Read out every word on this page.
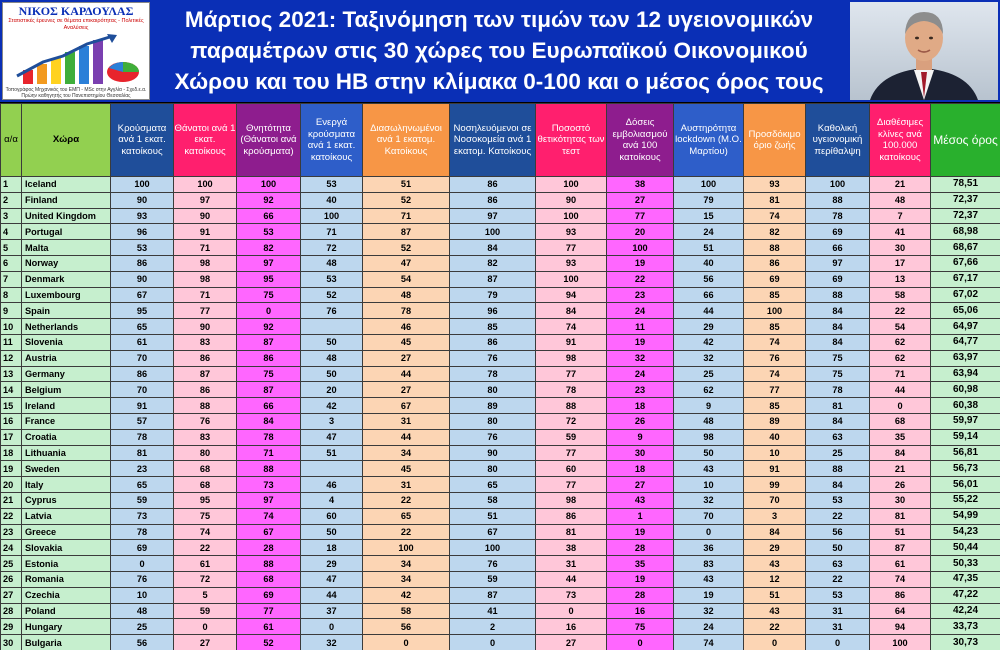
ΝΙΚΟΣ ΚΑΡΔΟΥΛΑΣ
Στατιστικές έρευνες σε θέματα επικαιρότητας - Πολιτικές Αναλύσεις
Τοπογράφος Μηχανικός του ΕΜΠ - MSc στην Αγγλία - Σχεδ.ε.α.
Πρώην καθηγητής του Πανεπιστημίου Θεσσαλίας
Μάρτιος 2021: Ταξινόμηση των τιμών των 12 υγειονομικών
παραμέτρων στις 30 χώρες του Ευρωπαϊκού Οικονομικού
Χώρου και του ΗΒ στην κλίμακα 0-100 και ο μέσος όρος τους
α/α	Χώρα	Κρούσματα ανά 1 εκατ. κατοίκους	Θάνατοι ανά 1 εκατ. κατοίκους	Θνητότητα (Θάνατοι ανά κρούσματα)	Ενεργά κρούσματα ανά 1 εκατ. κατοίκους	Διασωληνωμένοι ανά 1 εκατομ. Κατοίκους	Νοσηλευόμενοι σε Νοσοκομεία ανά 1 εκατομ. Κατοίκους	Ποσοστό θετικότητας των τεστ	Δόσεις εμβολιασμού ανά 100 κατοίκους	Αυστηρότητα lockdown (Μ.Ο. Μαρτίου)	Προσδόκιμο όριο ζωής	Καθολική υγειονομική περίθαλψη	Διαθέσιμες κλίνες ανά 100.000 κατοίκους	Μέσος όρος
1	Iceland	100	100	100	53	51	86	100	38	100	93	100	21	78,51
2	Finland	90	97	92	40	52	86	90	27	79	81	88	48	72,37
3	United Kingdom	93	90	66	100	71	97	100	77	15	74	78	7	72,37
4	Portugal	96	91	53	71	87	100	93	20	24	82	69	41	68,98
5	Malta	53	71	82	72	52	84	77	100	51	88	66	30	68,67
6	Norway	86	98	97	48	47	82	93	19	40	86	97	17	67,66
7	Denmark	90	98	95	53	54	87	100	22	56	69	69	13	67,17
8	Luxembourg	67	71	75	52	48	79	94	23	66	85	88	58	67,02
9	Spain	95	77	0	76	78	96	84	24	44	100	84	22	65,06
10	Netherlands	65	90	92		46	85	74	11	29	85	84	54	64,97
11	Slovenia	61	83	87	50	45	86	91	19	42	74	84	62	64,77
12	Austria	70	86	86	48	27	76	98	32	32	76	75	62	63,97
13	Germany	86	87	75	50	44	78	77	24	25	74	75	71	63,94
14	Belgium	70	86	87	20	27	80	78	23	62	77	78	44	60,98
15	Ireland	91	88	66	42	67	89	88	18	9	85	81	0	60,38
16	France	57	76	84	3	31	80	72	26	48	89	84	68	59,97
17	Croatia	78	83	78	47	44	76	59	9	98	40	63	35	59,14
18	Lithuania	81	80	71	51	34	90	77	30	50	10	25	84	56,81
19	Sweden	23	68	88		45	80	60	18	43	91	88	21	56,73
20	Italy	65	68	73	46	31	65	77	27	10	99	84	26	56,01
21	Cyprus	59	95	97	4	22	58	98	43	32	70	53	30	55,22
22	Latvia	73	75	74	60	65	51	86	1	70	3	22	81	54,99
23	Greece	78	74	67	50	22	67	81	19	0	84	56	51	54,23
24	Slovakia	69	22	28	18	100	100	38	28	36	29	50	87	50,44
25	Estonia	0	61	88	29	34	76	31	35	83	43	63	61	50,33
26	Romania	76	72	68	47	34	59	44	19	43	12	22	74	47,35
27	Czechia	10	5	69	44	42	87	73	28	19	51	53	86	47,22
28	Poland	48	59	77	37	58	41	0	16	32	43	31	64	42,24
29	Hungary	25	0	61	0	56	2	16	75	24	22	31	94	33,73
30	Bulgaria	56	27	52	32	0	0	27	0	74	0	0	100	30,73
